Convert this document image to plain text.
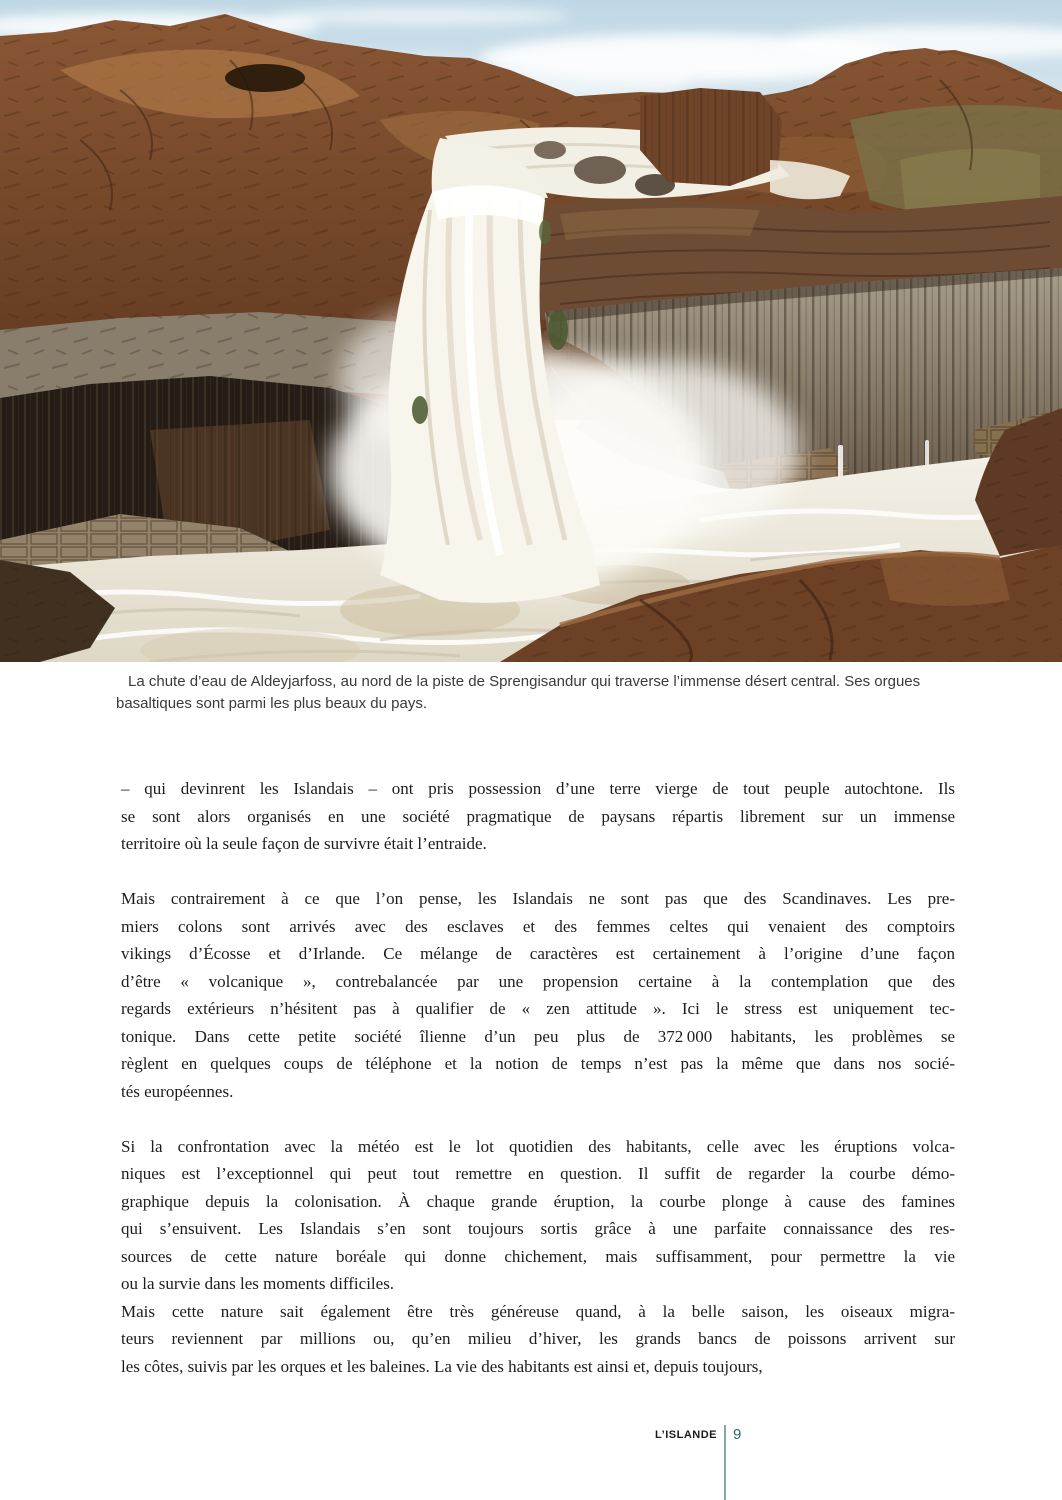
La chute d’eau de Aldeyjarfoss, au nord de la piste de Sprengisandur qui traverse l’immense désert central. Ses orgues basaltiques sont parmi les plus beaux du pays.

– qui devinrent les Islandais – ont pris possession d’une terre vierge de tout peuple autochtone. Ils
se sont alors organisés en une société pragmatique de paysans répartis librement sur un immense
territoire où la seule façon de survivre était l’entraide.
Mais contrairement à ce que l’on pense, les Islandais ne sont pas que des Scandinaves. Les pre-
miers colons sont arrivés avec des esclaves et des femmes celtes qui venaient des comptoirs
vikings d’Écosse et d’Irlande. Ce mélange de caractères est certainement à l’origine d’une façon
d’être « volcanique », contrebalancée par une propension certaine à la contemplation que des
regards extérieurs n’hésitent pas à qualifier de « zen attitude ». Ici le stress est uniquement tec-
tonique. Dans cette petite société îlienne d’un peu plus de 372 000 habitants, les problèmes se
règlent en quelques coups de téléphone et la notion de temps n’est pas la même que dans nos socié-
tés européennes.
Si la confrontation avec la météo est le lot quotidien des habitants, celle avec les éruptions volca-
niques est l’exceptionnel qui peut tout remettre en question. Il suffit de regarder la courbe démo-
graphique depuis la colonisation. À chaque grande éruption, la courbe plonge à cause des famines
qui s’ensuivent. Les Islandais s’en sont toujours sortis grâce à une parfaite connaissance des res-
sources de cette nature boréale qui donne chichement, mais suffisamment, pour permettre la vie
ou la survie dans les moments difficiles.
Mais cette nature sait également être très généreuse quand, à la belle saison, les oiseaux migra-
teurs reviennent par millions ou, qu’en milieu d’hiver, les grands bancs de poissons arrivent sur
les côtes, suivis par les orques et les baleines. La vie des habitants est ainsi et, depuis toujours,
L’ISLANDE 9
